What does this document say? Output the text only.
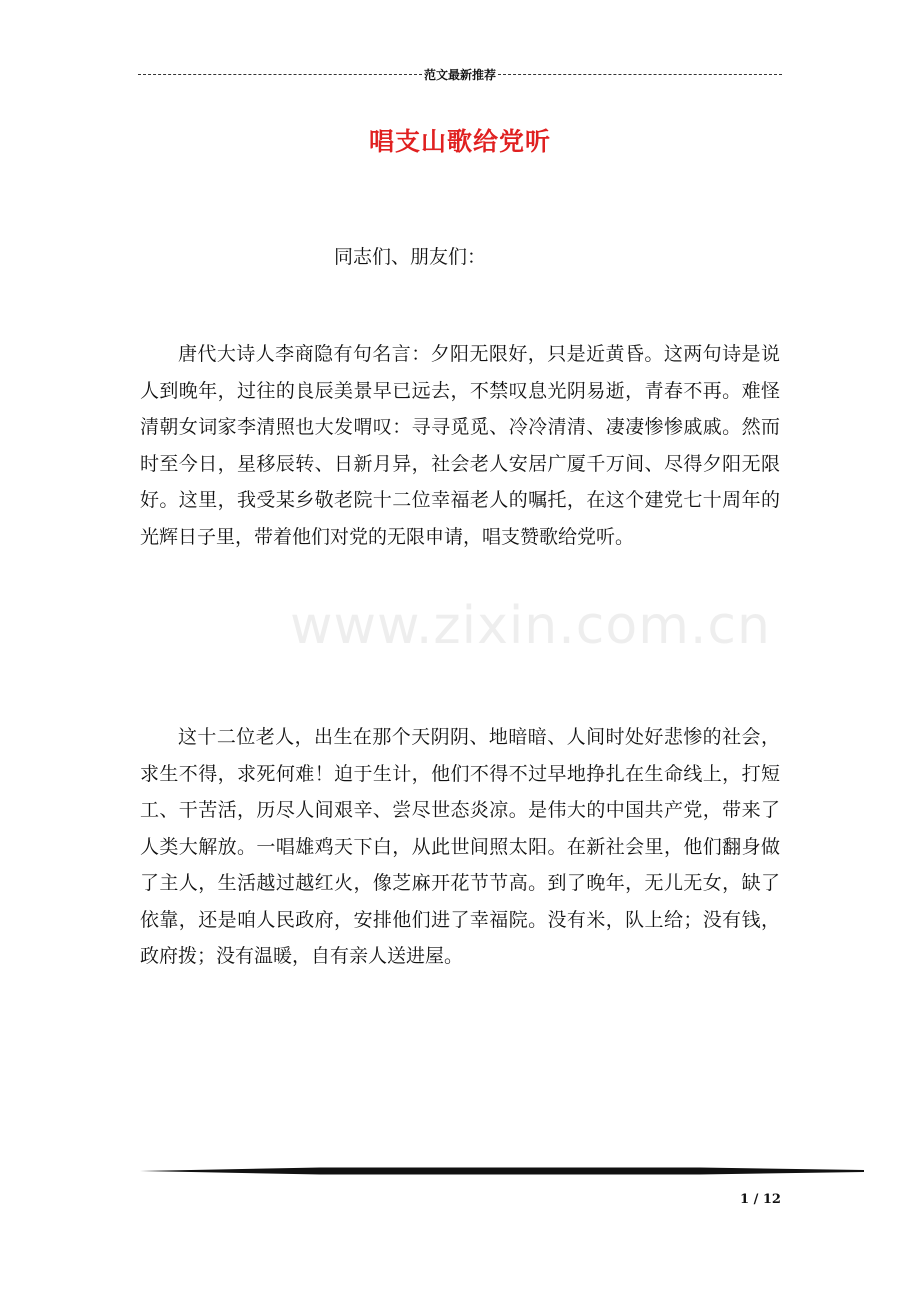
范文最新推荐
唱支山歌给党听
同志们、朋友们：

唐代大诗人李商隐有句名言：夕阳无限好，只是近黄昏。这两句诗是说人到晚年，过往的良辰美景早已远去，不禁叹息光阴易逝，青春不再。难怪清朝女词家李清照也大发喟叹：寻寻觅觅、冷冷清清、凄凄惨惨戚戚。然而时至今日，星移辰转、日新月异，社会老人安居广厦千万间、尽得夕阳无限好。这里，我受某乡敬老院十二位幸福老人的嘱托，在这个建党七十周年的光辉日子里，带着他们对党的无限申请，唱支赞歌给党听。

www.zixin.com.cn

这十二位老人，出生在那个天阴阴、地暗暗、人间时处好悲惨的社会，求生不得，求死何难！迫于生计，他们不得不过早地挣扎在生命线上，打短工、干苦活，历尽人间艰辛、尝尽世态炎凉。是伟大的中国共产党，带来了人类大解放。一唱雄鸡天下白，从此世间照太阳。在新社会里，他们翻身做了主人，生活越过越红火，像芝麻开花节节高。到了晚年，无儿无女，缺了依靠，还是咱人民政府，安排他们进了幸福院。没有米，队上给；没有钱，政府拨；没有温暖，自有亲人送进屋。

1 / 12
